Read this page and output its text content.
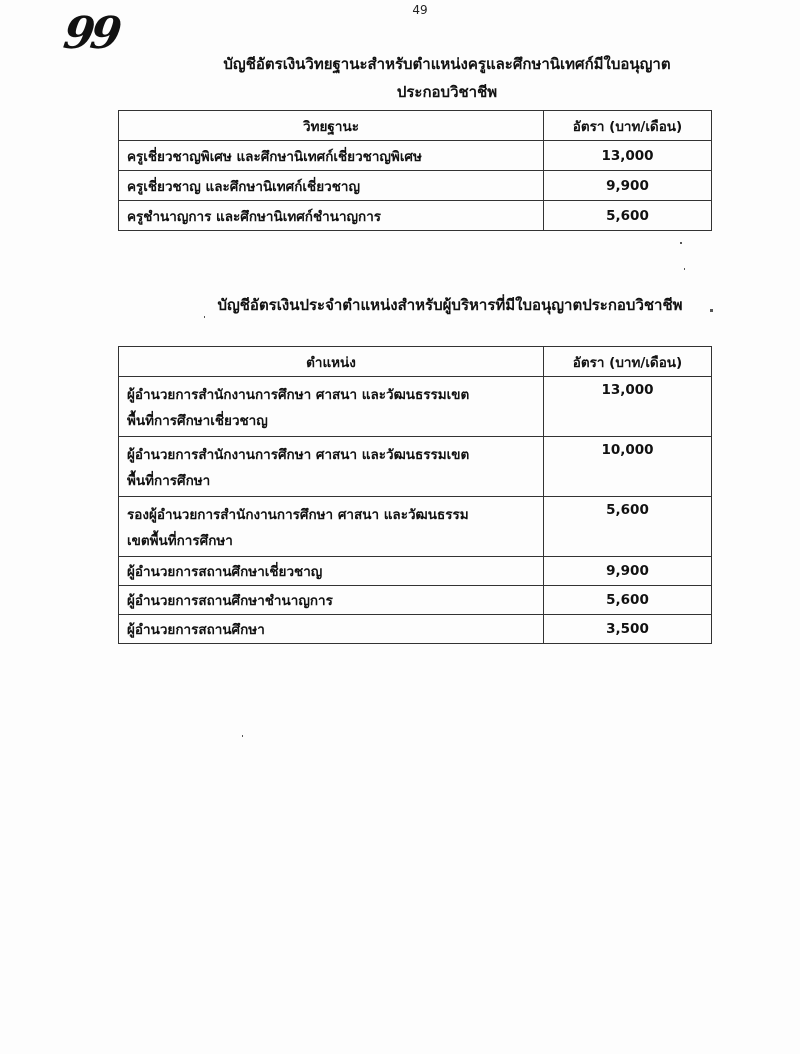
49
99
บัญชีอัตรเงินวิทยฐานะสำหรับตำแหน่งครูและศึกษานิเทศก์มีใบอนุญาต
ประกอบวิชาชีพ
วิทยฐานะ	อัตรา (บาท/เดือน)
ครูเชี่ยวชาญพิเศษ และศึกษานิเทศก์เชี่ยวชาญพิเศษ	13,000
ครูเชี่ยวชาญ และศึกษานิเทศก์เชี่ยวชาญ	9,900
ครูชำนาญการ และศึกษานิเทศก์ชำนาญการ	5,600
บัญชีอัตรเงินประจำตำแหน่งสำหรับผู้บริหารที่มีใบอนุญาตประกอบวิชาชีพ
ตำแหน่ง	อัตรา (บาท/เดือน)
ผู้อำนวยการสำนักงานการศึกษา ศาสนา และวัฒนธรรมเขต
พื้นที่การศึกษาเชี่ยวชาญ	13,000
ผู้อำนวยการสำนักงานการศึกษา ศาสนา และวัฒนธรรมเขต
พื้นที่การศึกษา	10,000
รองผู้อำนวยการสำนักงานการศึกษา ศาสนา และวัฒนธรรม
เขตพื้นที่การศึกษา	5,600
ผู้อำนวยการสถานศึกษาเชี่ยวชาญ	9,900
ผู้อำนวยการสถานศึกษาชำนาญการ	5,600
ผู้อำนวยการสถานศึกษา	3,500
